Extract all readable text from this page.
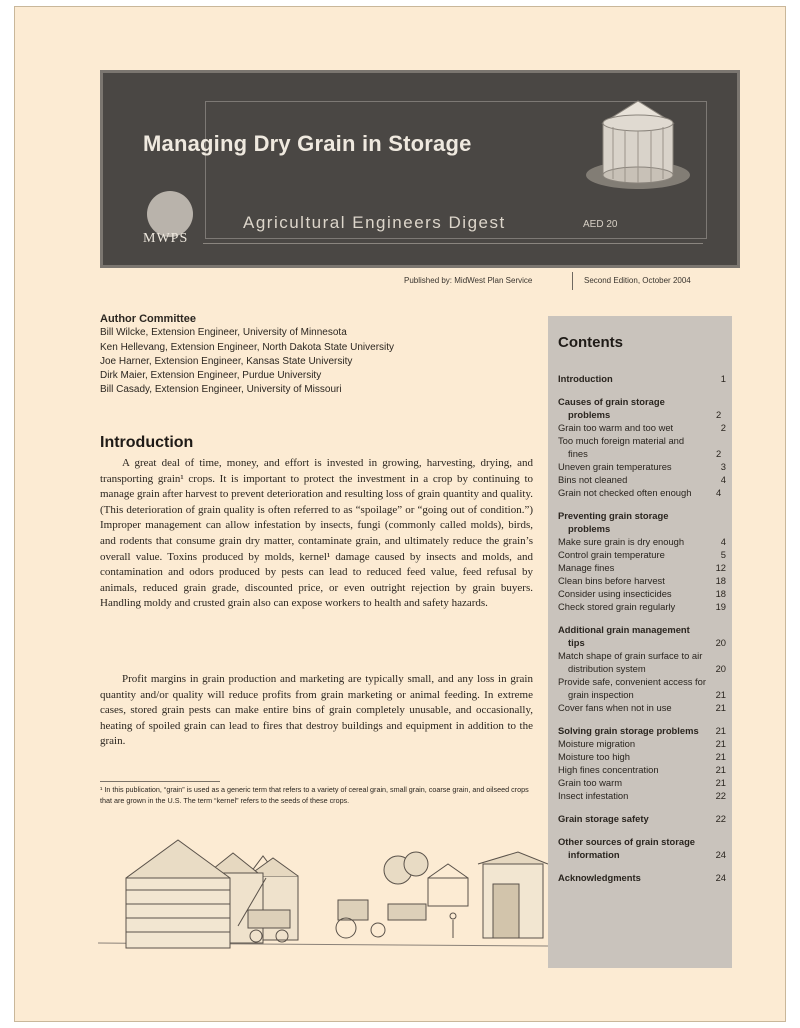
Managing Dry Grain in Storage
Agricultural Engineers Digest	AED 20
MWPS
Published by: MidWest Plan Service	Second Edition, October 2004
Author Committee
Bill Wilcke, Extension Engineer, University of Minnesota
Ken Hellevang, Extension Engineer, North Dakota State University
Joe Harner, Extension Engineer, Kansas State University
Dirk Maier, Extension Engineer, Purdue University
Bill Casady, Extension Engineer, University of Missouri
Introduction

A great deal of time, money, and effort is invested in growing, harvesting, drying, and transporting grain¹ crops. It is important to protect the investment in a crop by continuing to manage grain after harvest to prevent deterioration and resulting loss of grain quantity and quality. (This deterioration of grain quality is often referred to as “spoilage” or “going out of condition.”) Improper management can allow infestation by insects, fungi (commonly called molds), birds, and rodents that consume grain dry matter, contaminate grain, and ultimately reduce the grain’s overall value. Toxins produced by molds, kernel¹ damage caused by insects and molds, and contamination and odors produced by pests can lead to reduced feed value, feed refusal by animals, reduced grain grade, discounted price, or even outright rejection by grain buyers. Handling moldy and crusted grain also can expose workers to health and safety hazards.

Profit margins in grain production and marketing are typically small, and any loss in grain quantity and/or quality will reduce profits from grain marketing or animal feeding. In extreme cases, stored grain pests can make entire bins of grain completely unusable, and occasionally, heating of spoiled grain can lead to fires that destroy buildings and equipment in addition to the grain.

¹ In this publication, “grain” is used as a generic term that refers to a variety of cereal grain, small grain, coarse grain, and oilseed crops that are grown in the U.S. The term “kernel” refers to the seeds of these crops.
Contents
Introduction	1
Causes of grain storage problems	2
Grain too warm and too wet	2
Too much foreign material and fines	2
Uneven grain temperatures	3
Bins not cleaned	4
Grain not checked often enough	4
Preventing grain storage problems
Make sure grain is dry enough	4
Control grain temperature	5
Manage fines	12
Clean bins before harvest	18
Consider using insecticides	18
Check stored grain regularly	19
Additional grain management tips	20
Match shape of grain surface to air distribution system	20
Provide safe, convenient access for grain inspection	21
Cover fans when not in use	21
Solving grain storage problems	21
Moisture migration	21
Moisture too high	21
High fines concentration	21
Grain too warm	21
Insect infestation	22
Grain storage safety	22
Other sources of grain storage information	24
Acknowledgments	24
